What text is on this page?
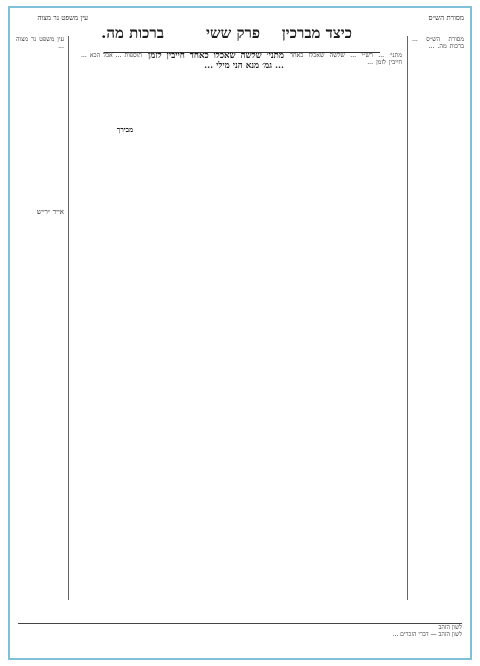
כיצד מברכין
פרק ששי
ברכות מה.
עין משפט נר מצוה	מסורת הש״ס
מסורת הש״ס ... ברכות מה. ...
מתני׳ ... רש״י ... שלשה שאכלו כאחד חייבין לזמן ...
מתני׳ שלשה שאכלו כאחד חייבין לזמן ... גמ׳ מנא הני מילי ...
מבירך
תוספות ... אבל הכא ...
עין משפט נר מצוה ...
אייר ״ר״ש
לשון הזהב
לשון הזהב — דברי הזכרים ...
